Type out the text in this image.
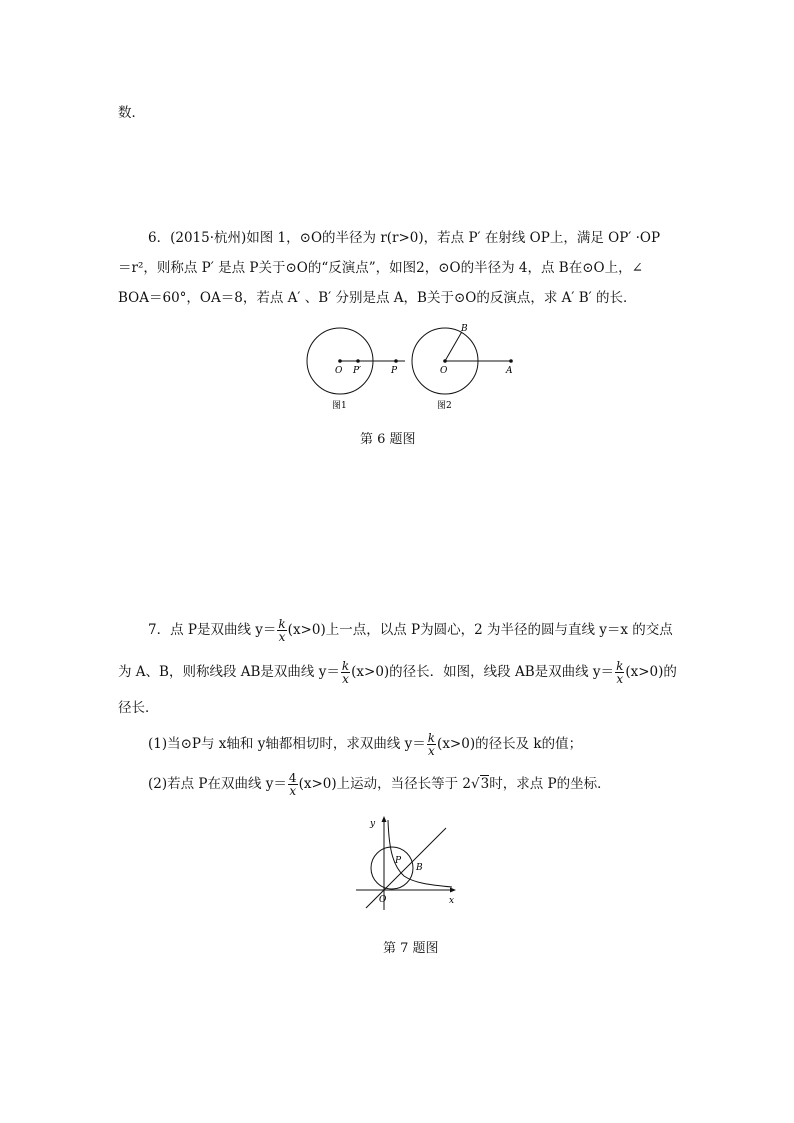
数．
6．(2015·杭州)如图 1，⊙O的半径为 r(r>0)，若点 P′ 在射线 OP上，满足 OP′ ·OP
＝r²，则称点 P′ 是点 P关于⊙O的“反演点”，如图2，⊙O的半径为 4，点 B在⊙O上，∠
BOA＝60°，OA＝8，若点 A′ 、B′ 分别是点 A，B关于⊙O的反演点，求 A′ B′ 的长．
O P′	P
图1
O	A
B
图2
第 6 题图
7．点 P是双曲线 $y= \frac{k}{x} (x>0)$上一点，以点 P为圆心，2 为半径的圆与直线 y＝x 的交点
为 A、B，则称线段 AB是双曲线 $y= \frac{k}{x} (x>0)$的径长．如图，线段 AB是双曲线 $y= \frac{k}{x} (x>0)$的
径长．
(1)当⊙P与 x轴和 y轴都相切时，求双曲线 $y= \frac{k}{x} (x>0)$的径长及 k的值；
(2)若点 P在双曲线 $y= \frac{4}{x} (x>0)$上运动，当径长等于 2√3时，求点 P的坐标．
y
x
O
P
B
第 7 题图
